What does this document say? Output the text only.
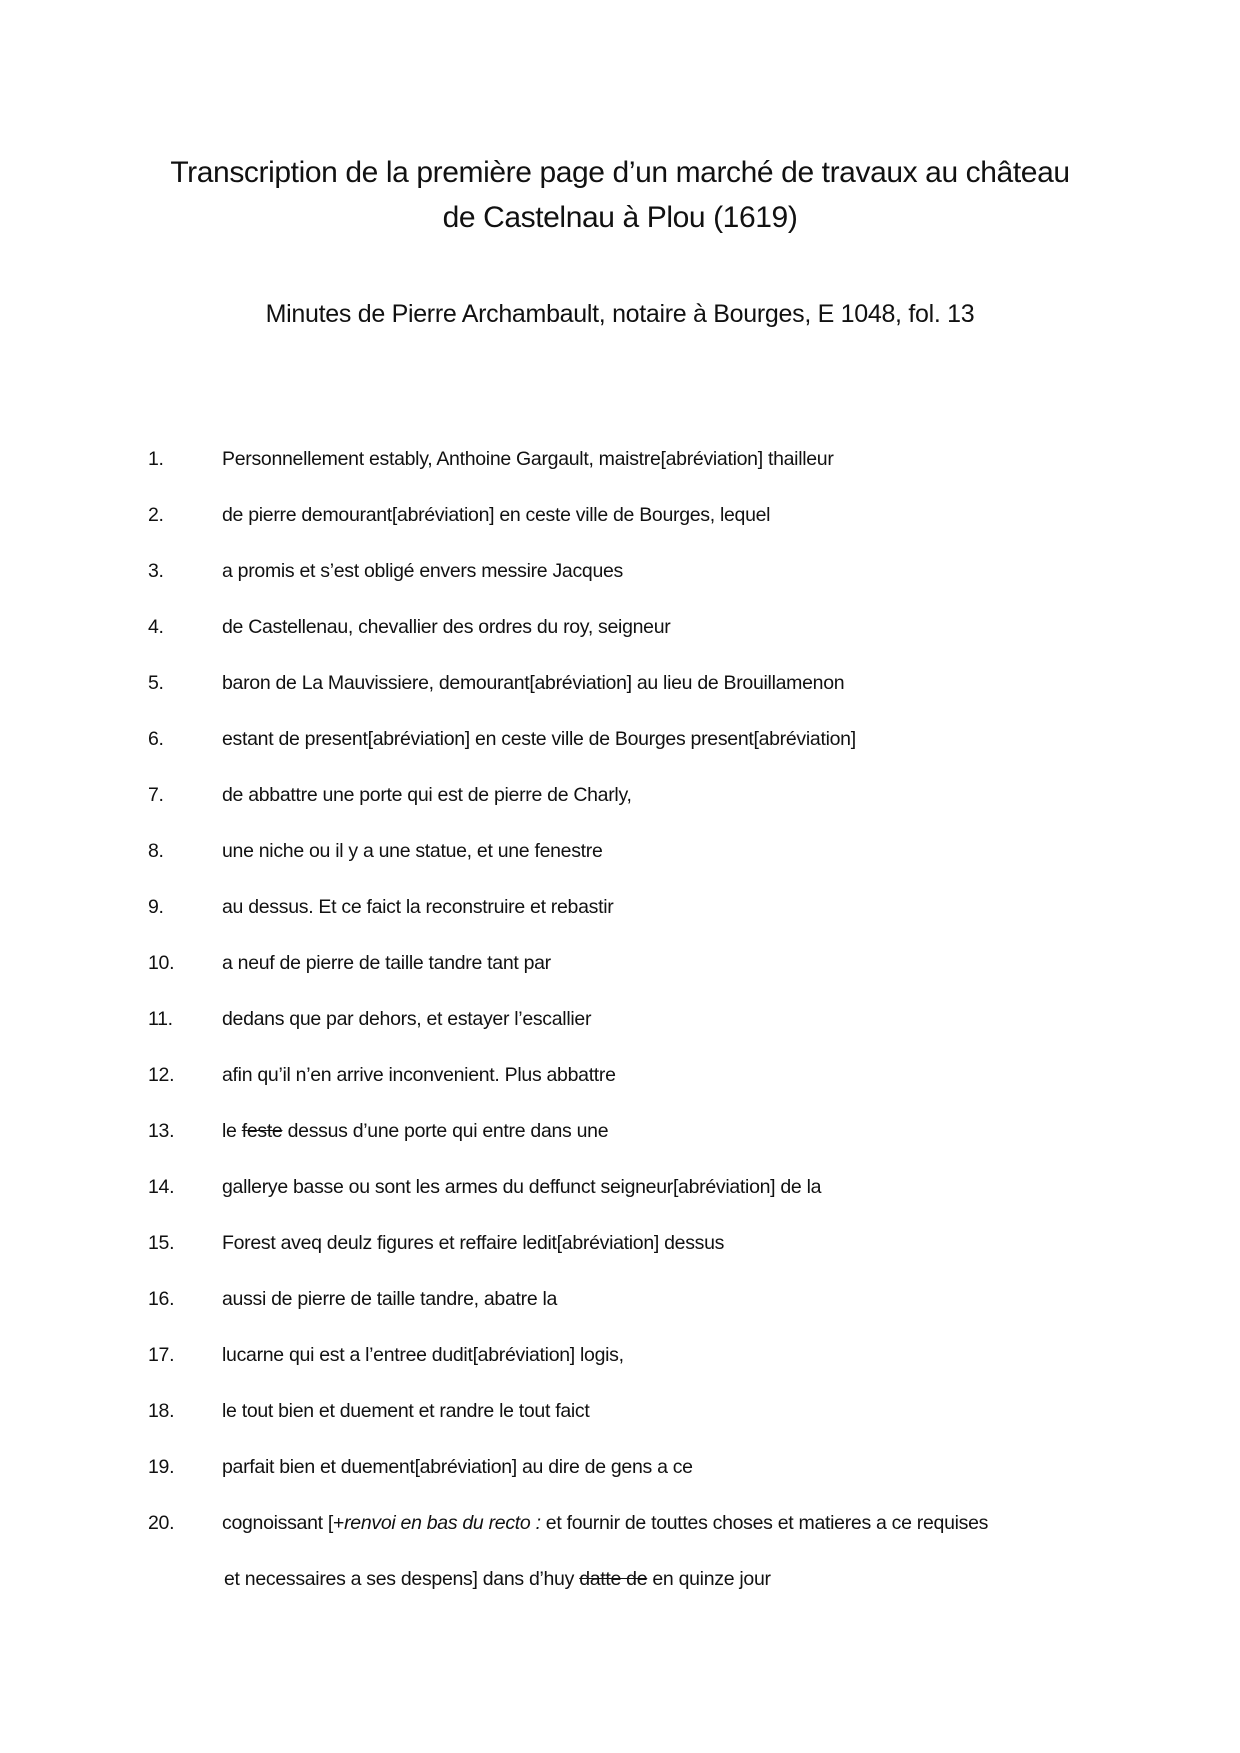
Transcription de la première page d’un marché de travaux au château
de Castelnau à Plou (1619)
Minutes de Pierre Archambault, notaire à Bourges, E 1048, fol. 13
1.	Personnellement estably, Anthoine Gargault, maistre[abréviation] thailleur
2.	de pierre demourant[abréviation] en ceste ville de Bourges, lequel
3.	a promis et s’est obligé envers messire Jacques
4.	de Castellenau, chevallier des ordres du roy, seigneur
5.	baron de La Mauvissiere, demourant[abréviation] au lieu de Brouillamenon
6.	estant de present[abréviation] en ceste ville de Bourges present[abréviation]
7.	de abbattre une porte qui est de pierre de Charly,
8.	une niche ou il y a une statue, et une fenestre
9.	au dessus. Et ce faict la reconstruire et rebastir
10. a neuf de pierre de taille tandre tant par
11.	dedans que par dehors, et estayer l’escallier
12. afin qu’il n’en arrive inconvenient. Plus abbattre
13. le feste dessus d’une porte qui entre dans une
14. gallerye basse ou sont les armes du deffunct seigneur[abréviation] de la
15. Forest aveq deulz figures et reffaire ledit[abréviation] dessus
16. aussi de pierre de taille tandre, abatre la
17. lucarne qui est a l’entree dudit[abréviation] logis,
18. le tout bien et duement et randre le tout faict
19. parfait bien et duement[abréviation] au dire de gens a ce
20. cognoissant [+renvoi en bas du recto : et fournir de touttes choses et matieres a ce requises
et necessaires a ses despens] dans d’huy datte de en quinze jour
